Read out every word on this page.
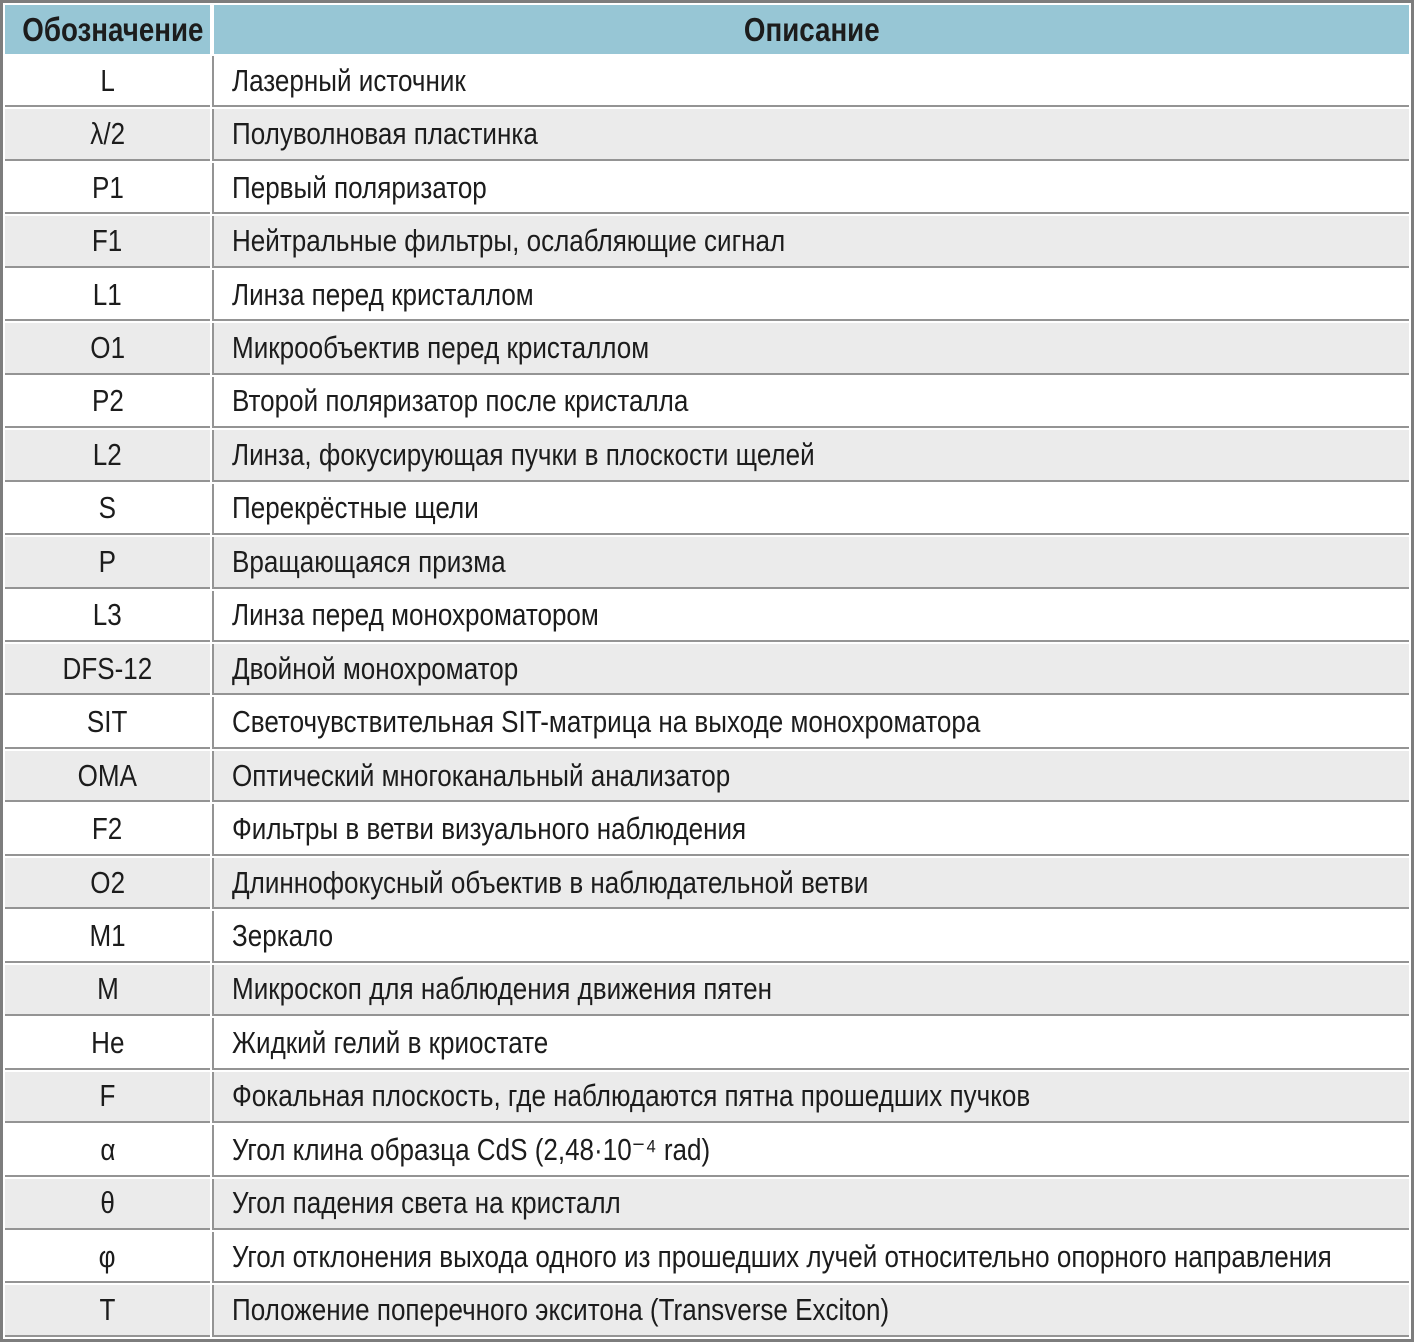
Обозначение	Описание
L	Лазерный источник
λ/2	Полуволновая пластинка
P1	Первый поляризатор
F1	Нейтральные фильтры, ослабляющие сигнал
L1	Линза перед кристаллом
O1	Микрообъектив перед кристаллом
P2	Второй поляризатор после кристалла
L2	Линза, фокусирующая пучки в плоскости щелей
S	Перекрёстные щели
P	Вращающаяся призма
L3	Линза перед монохроматором
DFS-12	Двойной монохроматор
SIT	Светочувствительная SIT-матрица на выходе монохроматора
OMA	Оптический многоканальный анализатор
F2	Фильтры в ветви визуального наблюдения
O2	Длиннофокусный объектив в наблюдательной ветви
M1	Зеркало
M	Микроскоп для наблюдения движения пятен
He	Жидкий гелий в криостате
F	Фокальная плоскость, где наблюдаются пятна прошедших пучков
α	Угол клина образца CdS (2,48·10⁻⁴ rad)
θ	Угол падения света на кристалл
φ	Угол отклонения выхода одного из прошедших лучей относительно опорного направления
T	Положение поперечного экситона (Transverse Exciton)
